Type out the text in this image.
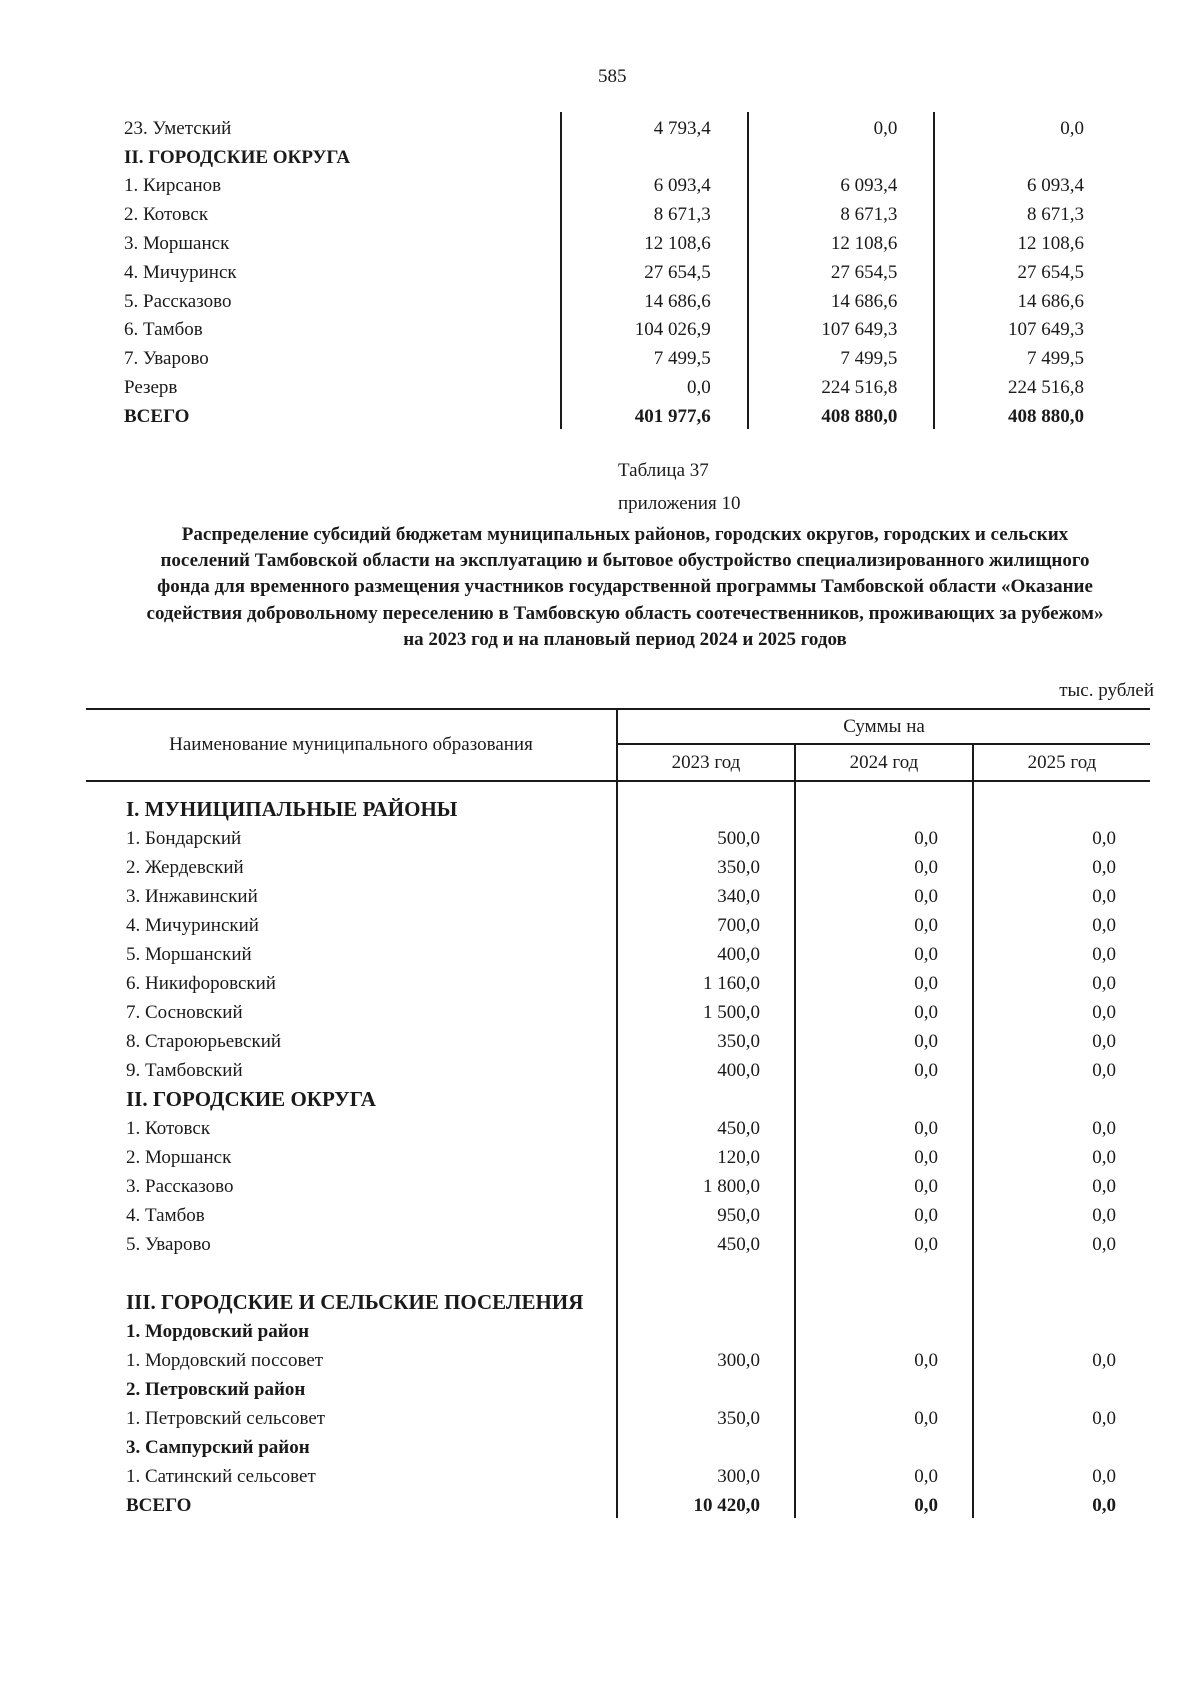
585
23. Уметский	4 793,4	0,0	0,0
II. ГОРОДСКИЕ ОКРУГА			
1. Кирсанов	6 093,4	6 093,4	6 093,4
2. Котовск	8 671,3	8 671,3	8 671,3
3. Моршанск	12 108,6	12 108,6	12 108,6
4. Мичуринск	27 654,5	27 654,5	27 654,5
5. Рассказово	14 686,6	14 686,6	14 686,6
6. Тамбов	104 026,9	107 649,3	107 649,3
7. Уварово	7 499,5	7 499,5	7 499,5
Резерв	0,0	224 516,8	224 516,8
ВСЕГО	401 977,6	408 880,0	408 880,0
Таблица 37
приложения 10
Распределение субсидий бюджетам муниципальных районов, городских округов, городских и сельских поселений Тамбовской области на эксплуатацию и бытовое обустройство специализированного жилищного фонда для временного размещения участников государственной программы Тамбовской области «Оказание содействия добровольному переселению в Тамбовскую область соотечественников, проживающих за рубежом» на 2023 год и на плановый период 2024 и 2025 годов
тыс. рублей
Наименование муниципального образования	Суммы на		
	2023 год	2024 год	2025 год
I. МУНИЦИПАЛЬНЫЕ РАЙОНЫ			
1. Бондарский	500,0	0,0	0,0
2. Жердевский	350,0	0,0	0,0
3. Инжавинский	340,0	0,0	0,0
4. Мичуринский	700,0	0,0	0,0
5. Моршанский	400,0	0,0	0,0
6. Никифоровский	1 160,0	0,0	0,0
7. Сосновский	1 500,0	0,0	0,0
8. Староюрьевский	350,0	0,0	0,0
9. Тамбовский	400,0	0,0	0,0
II. ГОРОДСКИЕ ОКРУГА			
1. Котовск	450,0	0,0	0,0
2. Моршанск	120,0	0,0	0,0
3. Рассказово	1 800,0	0,0	0,0
4. Тамбов	950,0	0,0	0,0
5. Уварово	450,0	0,0	0,0
III. ГОРОДСКИЕ И СЕЛЬСКИЕ ПОСЕЛЕНИЯ			
1. Мордовский район			
1. Мордовский поссовет	300,0	0,0	0,0
2. Петровский район			
1. Петровский сельсовет	350,0	0,0	0,0
3. Сампурский район			
1. Сатинский сельсовет	300,0	0,0	0,0
ВСЕГО	10 420,0	0,0	0,0
